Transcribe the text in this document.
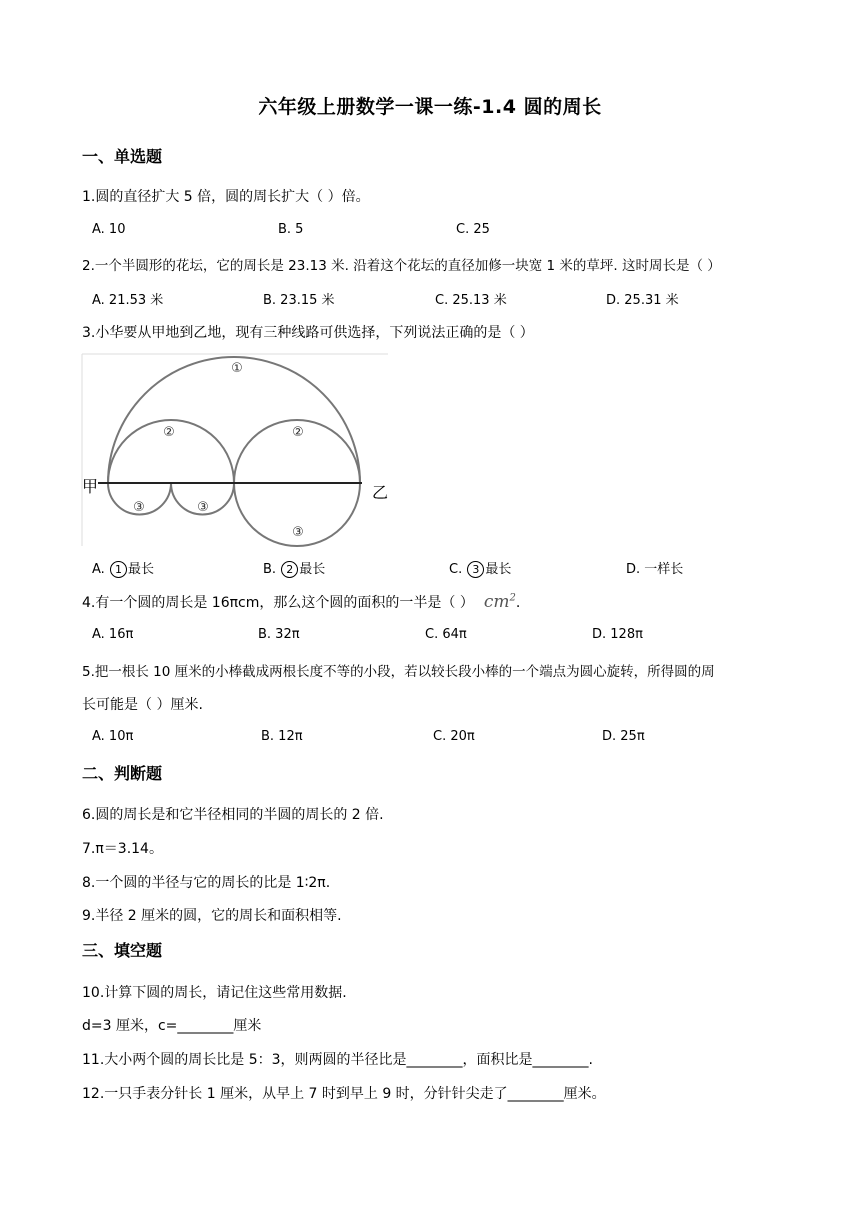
六年级上册数学一课一练-1.4 圆的周长
一、单选题
1.圆的直径扩大 5 倍，圆的周长扩大（ ）倍。
A. 10	B. 5	C. 25
2.一个半圆形的花坛，它的周长是 23.13 米. 沿着这个花坛的直径加修一块宽 1 米的草坪. 这时周长是（ ）
A. 21.53 米	B. 23.15 米	C. 25.13 米	D. 25.31 米
3.小华要从甲地到乙地，现有三种线路可供选择，下列说法正确的是（ ）
甲	乙
①
②	②
③	③
③
A. 1 最长	B. 2 最长	C. 3 最长	D. 一样长
4.有一个圆的周长是 16πcm，那么这个圆的面积的一半是（ ） $cm^2$.
A. 16π	B. 32π	C. 64π	D. 128π
5.把一根长 10 厘米的小棒截成两根长度不等的小段，若以较长段小棒的一个端点为圆心旋转，所得圆的周
长可能是（ ）厘米.
A. 10π	B. 12π	C. 20π	D. 25π
二、判断题
6.圆的周长是和它半径相同的半圆的周长的 2 倍.
7.π＝3.14。
8.一个圆的半径与它的周长的比是 1∶2π.
9.半径 2 厘米的圆，它的周长和面积相等.
三、填空题
10.计算下圆的周长，请记住这些常用数据.
d=3 厘米，c=________厘米
11.大小两个圆的周长比是 5：3，则两圆的半径比是________，面积比是________.
12.一只手表分针长 1 厘米，从早上 7 时到早上 9 时，分针针尖走了________厘米。
